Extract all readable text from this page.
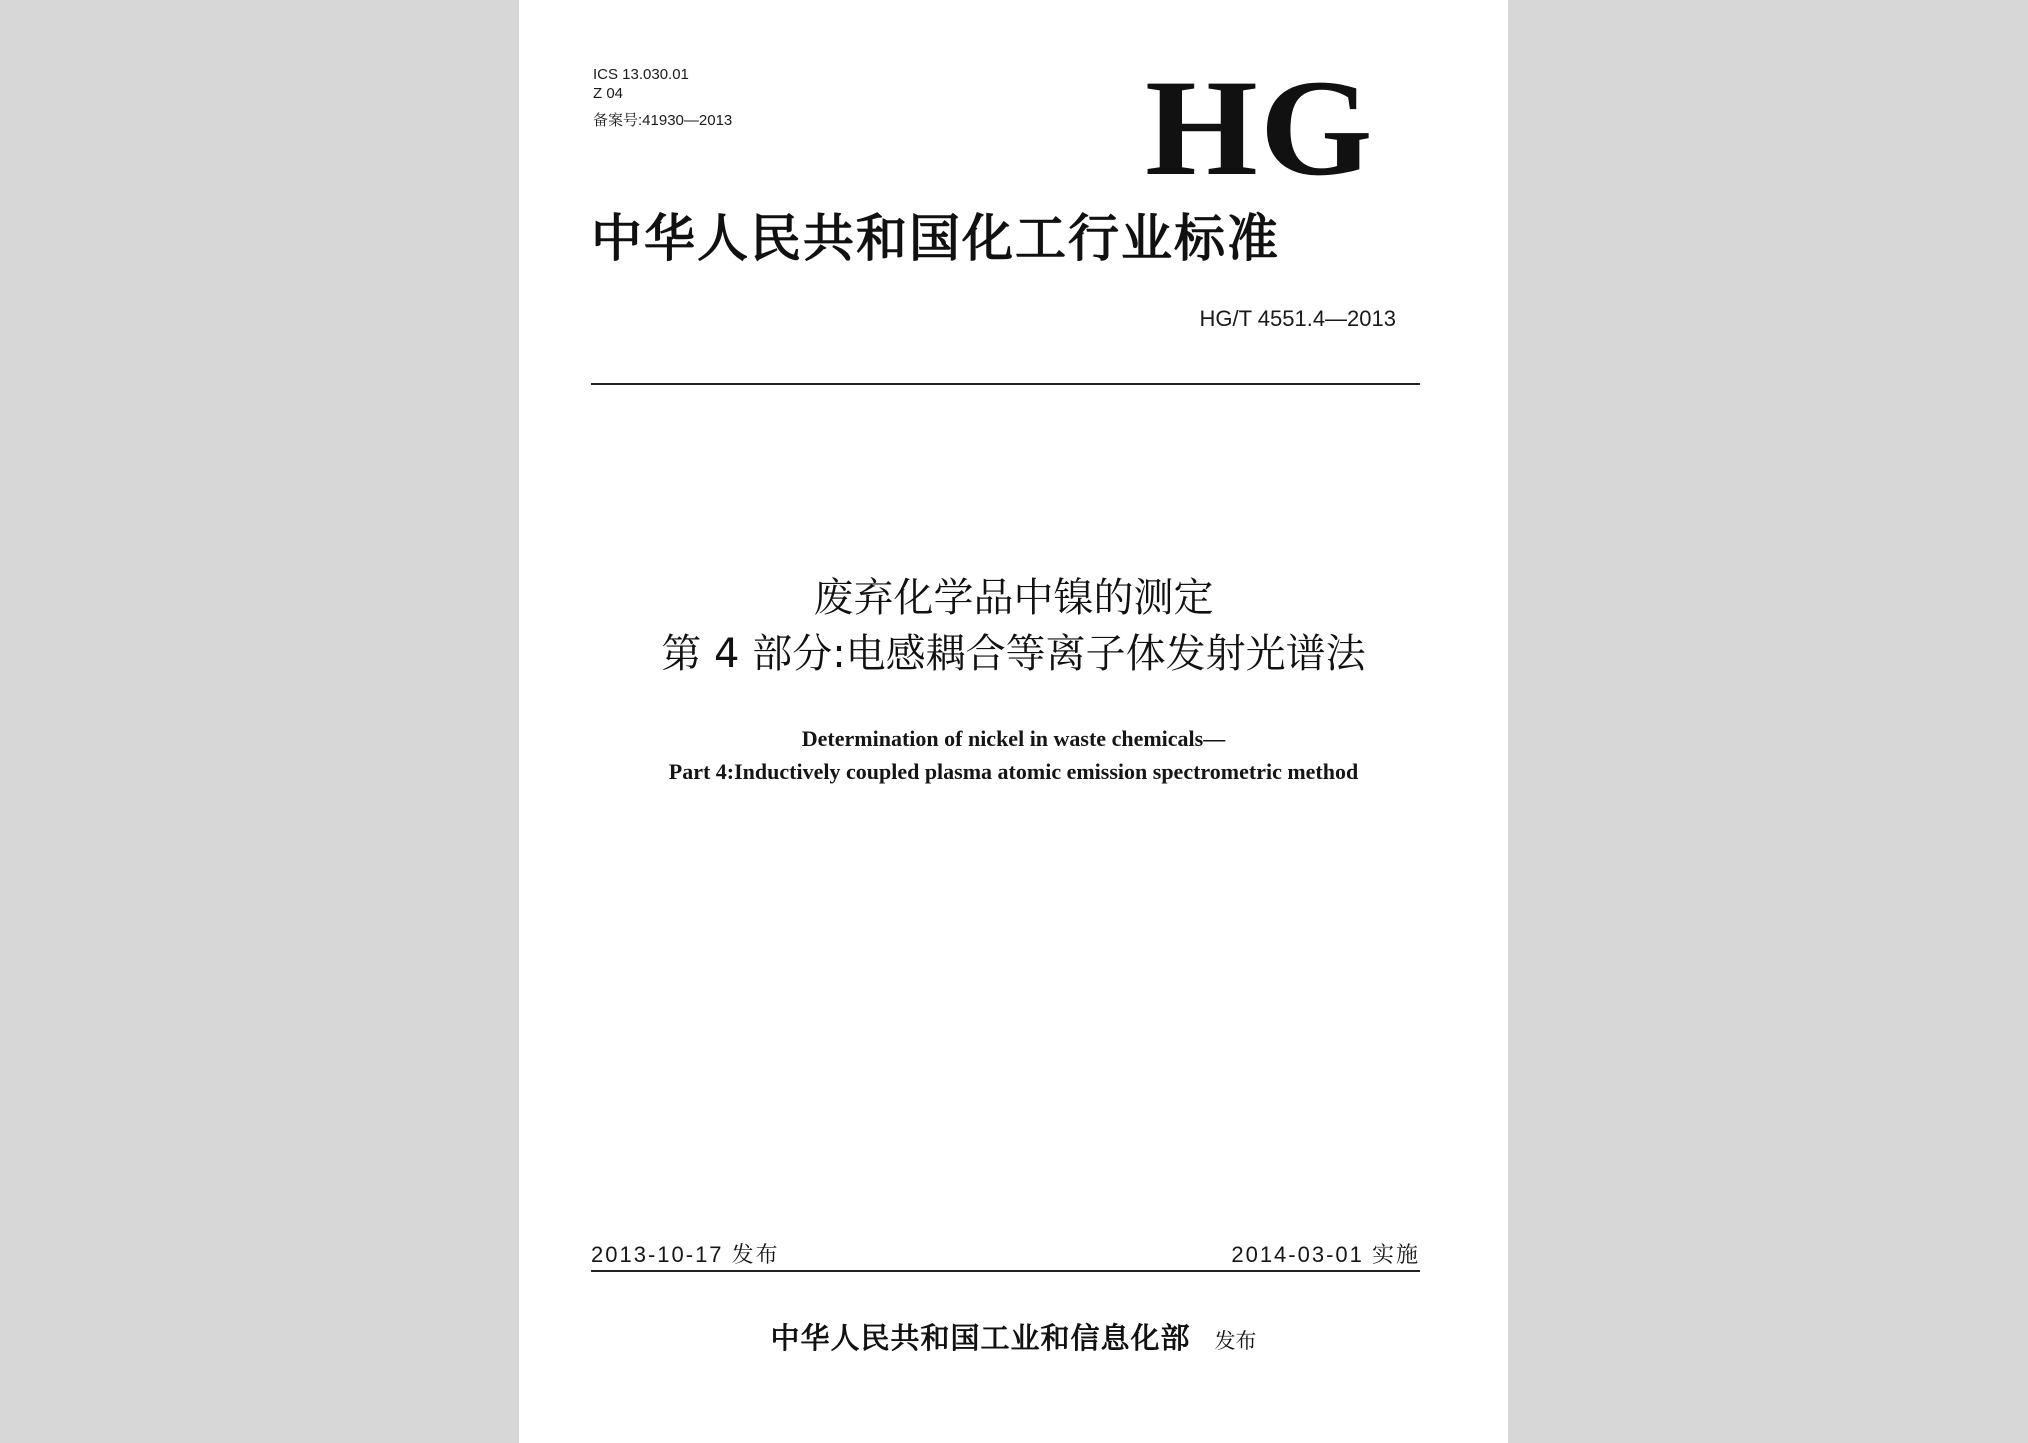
ICS 13.030.01
Z 04
备案号:41930—2013	HG
中华人民共和国化工行业标准
HG/T 4551.4—2013
废弃化学品中镍的测定
第 4 部分:电感耦合等离子体发射光谱法
Determination of nickel in waste chemicals—
Part 4:Inductively coupled plasma atomic emission spectrometric method
2013-10-17 发布	2014-03-01 实施
中华人民共和国工业和信息化部 发布
